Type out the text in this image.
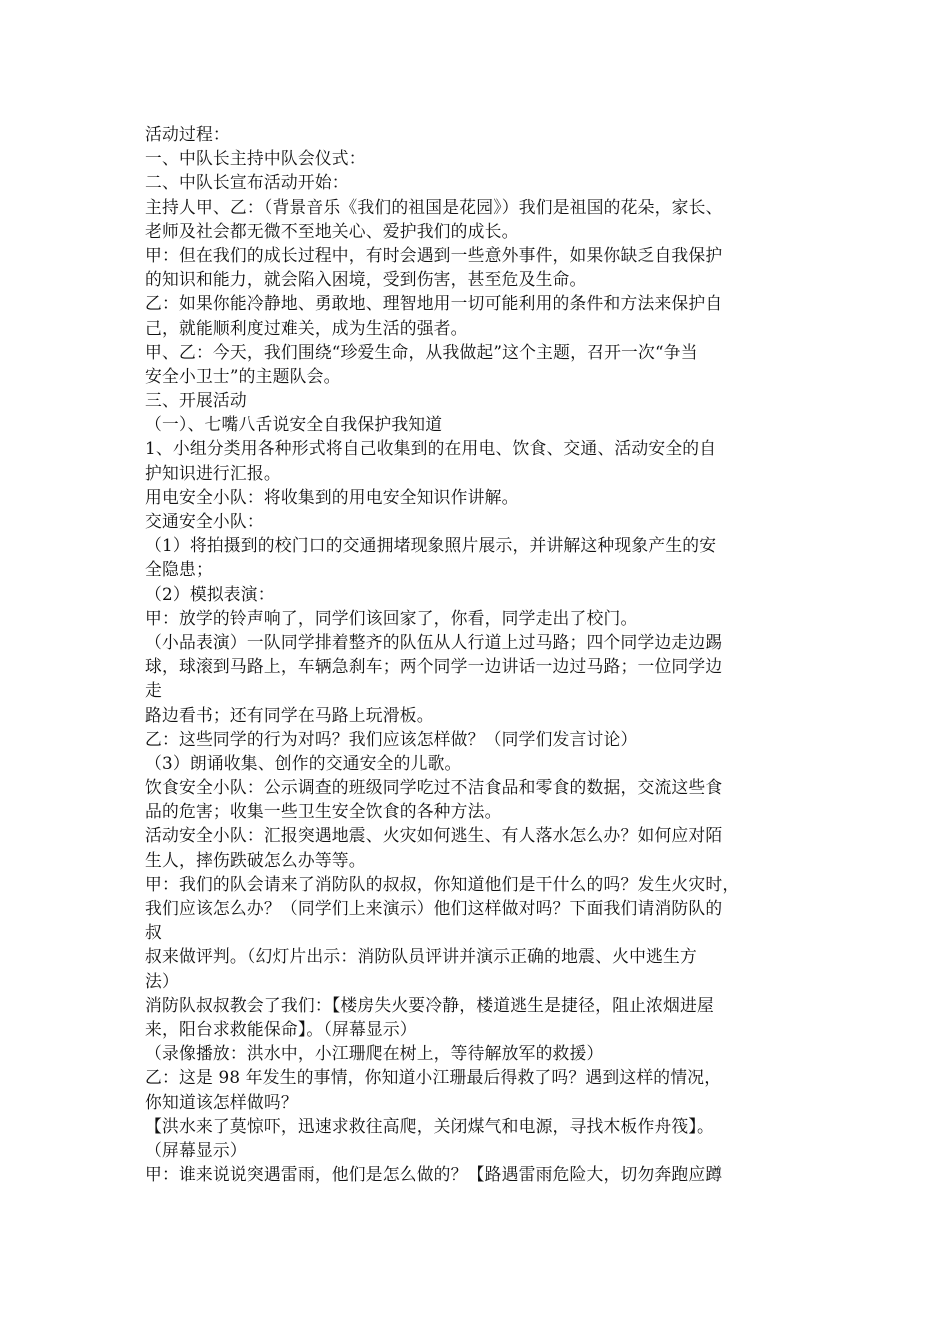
活动过程：
一、中队长主持中队会仪式：
二、中队长宣布活动开始：
主持人甲、乙：（背景音乐《我们的祖国是花园》）我们是祖国的花朵，家长、
老师及社会都无微不至地关心、爱护我们的成长。
甲：但在我们的成长过程中，有时会遇到一些意外事件，如果你缺乏自我保护
的知识和能力，就会陷入困境，受到伤害，甚至危及生命。
乙：如果你能冷静地、勇敢地、理智地用一切可能利用的条件和方法来保护自
己，就能顺利度过难关，成为生活的强者。
甲、乙：今天，我们围绕“珍爱生命，从我做起”这个主题，召开一次“争当
安全小卫士”的主题队会。
三、开展活动
（一）、七嘴八舌说安全自我保护我知道
1、小组分类用各种形式将自己收集到的在用电、饮食、交通、活动安全的自
护知识进行汇报。
用电安全小队：将收集到的用电安全知识作讲解。
交通安全小队：
（1）将拍摄到的校门口的交通拥堵现象照片展示，并讲解这种现象产生的安
全隐患；
（2）模拟表演：
甲：放学的铃声响了，同学们该回家了，你看，同学走出了校门。
（小品表演）一队同学排着整齐的队伍从人行道上过马路；四个同学边走边踢
球，球滚到马路上，车辆急刹车；两个同学一边讲话一边过马路；一位同学边
走
路边看书；还有同学在马路上玩滑板。
乙：这些同学的行为对吗？我们应该怎样做？（同学们发言讨论）
（3）朗诵收集、创作的交通安全的儿歌。
饮食安全小队：公示调查的班级同学吃过不洁食品和零食的数据，交流这些食
品的危害；收集一些卫生安全饮食的各种方法。
活动安全小队：汇报突遇地震、火灾如何逃生、有人落水怎么办？如何应对陌
生人，摔伤跌破怎么办等等。
甲：我们的队会请来了消防队的叔叔，你知道他们是干什么的吗？发生火灾时，
我们应该怎么办？（同学们上来演示）他们这样做对吗？下面我们请消防队的
叔
叔来做评判。（幻灯片出示：消防队员评讲并演示正确的地震、火中逃生方
法）
消防队叔叔教会了我们：【楼房失火要冷静，楼道逃生是捷径，阻止浓烟进屋
来，阳台求救能保命】。（屏幕显示）
（录像播放：洪水中，小江珊爬在树上，等待解放军的救援）
乙：这是 98 年发生的事情，你知道小江珊最后得救了吗？遇到这样的情况，
你知道该怎样做吗？
【洪水来了莫惊吓，迅速求救往高爬，关闭煤气和电源，寻找木板作舟筏】。
（屏幕显示）
甲：谁来说说突遇雷雨，他们是怎么做的？【路遇雷雨危险大，切勿奔跑应蹲
